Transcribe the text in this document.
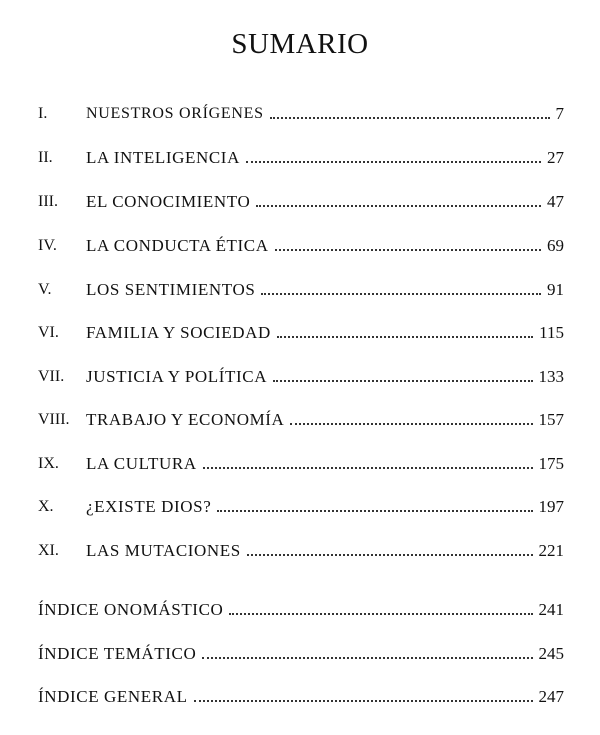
SUMARIO
I.	NUESTROS ORÍGENES	7
II.	LA INTELIGENCIA	27
III.	EL CONOCIMIENTO	47
IV.	LA CONDUCTA ÉTICA	69
V.	LOS SENTIMIENTOS	91
VI.	FAMILIA Y SOCIEDAD	115
VII.	JUSTICIA Y POLÍTICA	133
VIII. TRABAJO Y ECONOMÍA	157
IX.	LA CULTURA	175
X.	¿EXISTE DIOS?	197
XI.	LAS MUTACIONES	221
ÍNDICE ONOMÁSTICO	241
ÍNDICE TEMÁTICO	245
ÍNDICE GENERAL	247
